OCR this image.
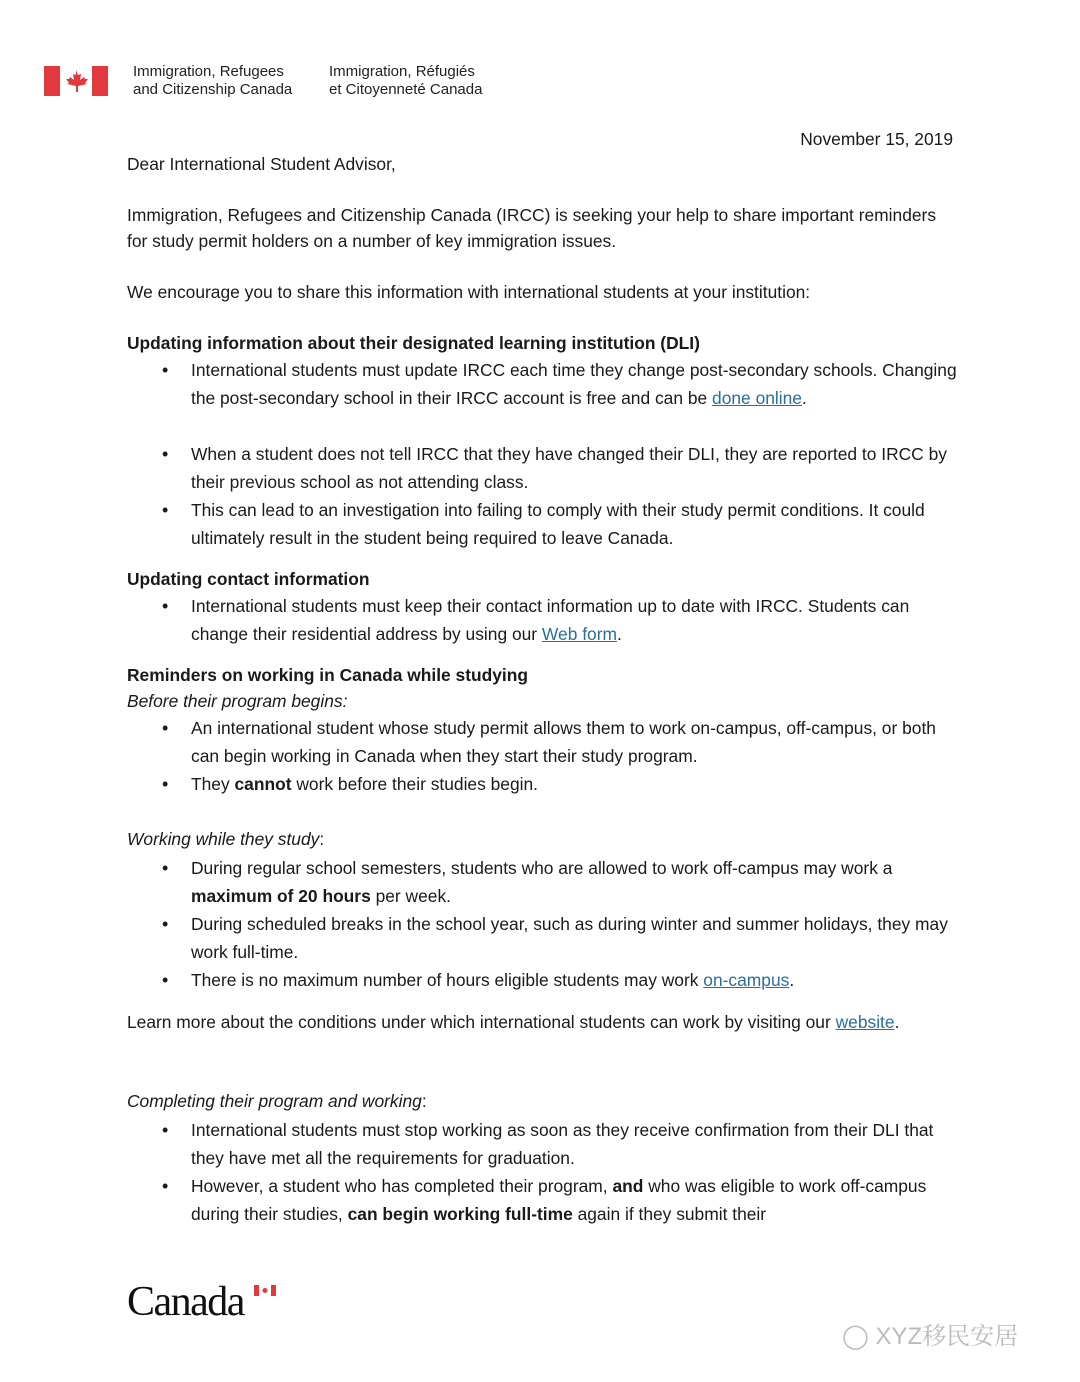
Immigration, Refugees
and Citizenship Canada
Immigration, Réfugiés
et Citoyenneté Canada
November 15, 2019
Dear International Student Advisor,
Immigration, Refugees and Citizenship Canada (IRCC) is seeking your help to share important reminders for study permit holders on a number of key immigration issues.
We encourage you to share this information with international students at your institution:
Updating information about their designated learning institution (DLI)
• International students must update IRCC each time they change post-secondary schools. Changing the post-secondary school in their IRCC account is free and can be done online.
• When a student does not tell IRCC that they have changed their DLI, they are reported to IRCC by their previous school as not attending class.
• This can lead to an investigation into failing to comply with their study permit conditions. It could ultimately result in the student being required to leave Canada.
Updating contact information
• International students must keep their contact information up to date with IRCC. Students can change their residential address by using our Web form.
Reminders on working in Canada while studying
Before their program begins:
• An international student whose study permit allows them to work on-campus, off-campus, or both can begin working in Canada when they start their study program.
• They cannot work before their studies begin.
Working while they study:
• During regular school semesters, students who are allowed to work off-campus may work a maximum of 20 hours per week.
• During scheduled breaks in the school year, such as during winter and summer holidays, they may work full-time.
• There is no maximum number of hours eligible students may work on-campus.
Learn more about the conditions under which international students can work by visiting our website.
Completing their program and working:
• International students must stop working as soon as they receive confirmation from their DLI that they have met all the requirements for graduation.
• However, a student who has completed their program, and who was eligible to work off-campus during their studies, can begin working full-time again if they submit their
Canada
◯ XYZ移民安居
